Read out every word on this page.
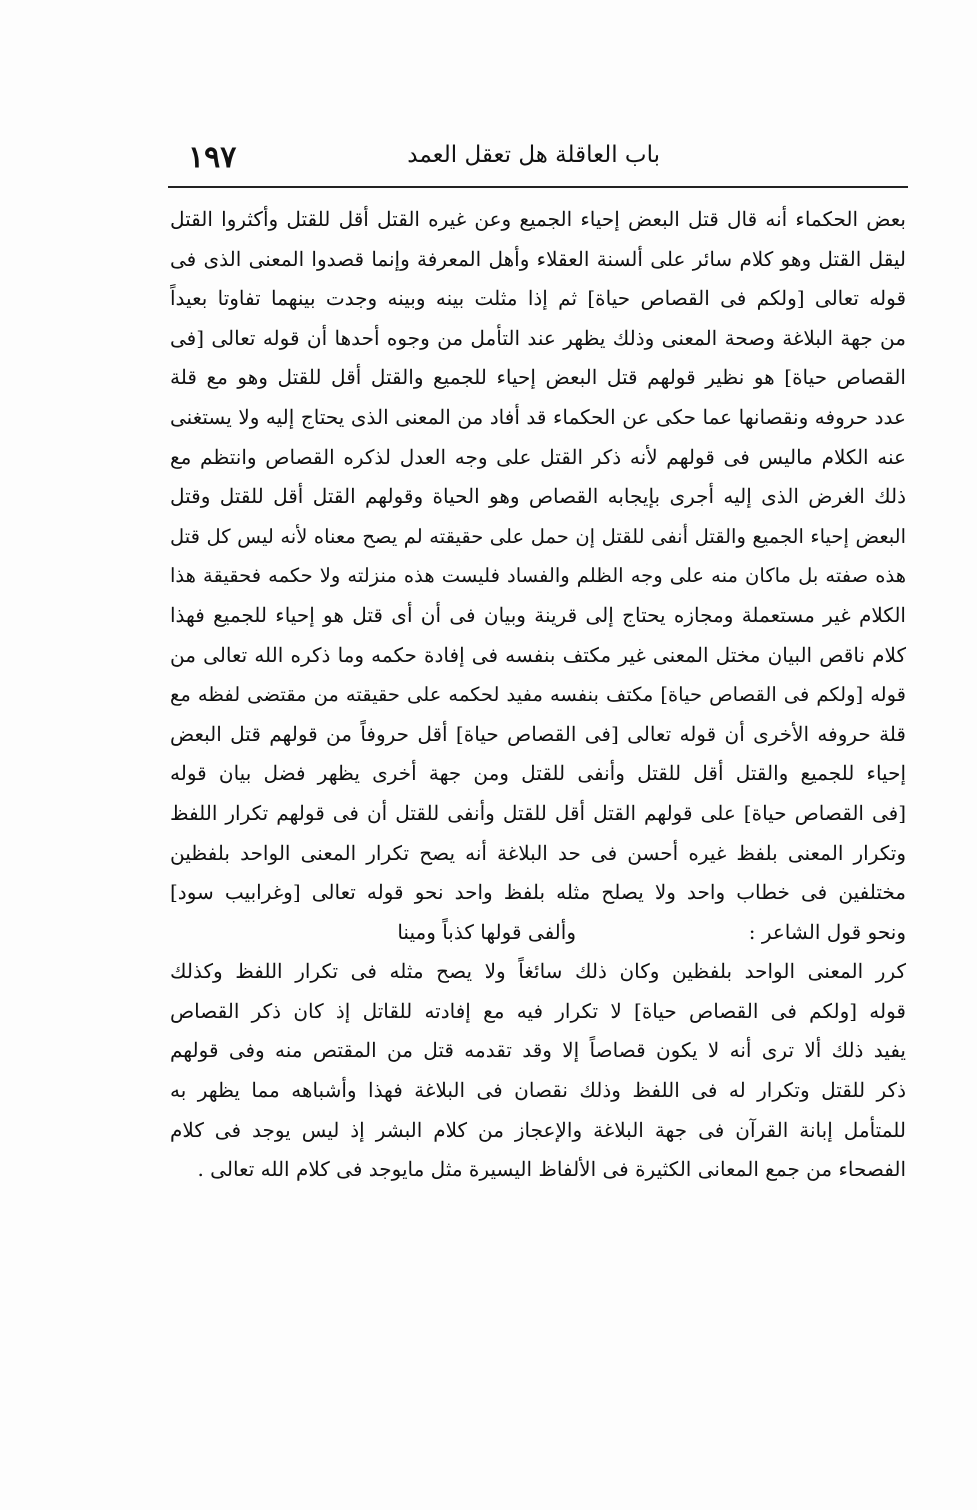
باب العاقلة هل تعقل العمد
١٩٧
بعض الحكماء أنه قال قتل البعض إحياء الجميع وعن غيره القتل أقل للقتل وأكثروا القتل
ليقل القتل وهو كلام سائر على ألسنة العقلاء وأهل المعرفة وإنما قصدوا المعنى الذى فى
قوله تعالى [ولكم فى القصاص حياة] ثم إذا مثلت بينه وبينه وجدت بينهما تفاوتا بعيداً
من جهة البلاغة وصحة المعنى وذلك يظهر عند التأمل من وجوه أحدها أن قوله تعالى [فى
القصاص حياة] هو نظير قولهم قتل البعض إحياء للجميع والقتل أقل للقتل وهو مع قلة
عدد حروفه ونقصانها عما حكى عن الحكماء قد أفاد من المعنى الذى يحتاج إليه ولا يستغنى
عنه الكلام ماليس فى قولهم لأنه ذكر القتل على وجه العدل لذكره القصاص وانتظم مع
ذلك الغرض الذى إليه أجرى بإيجابه القصاص وهو الحياة وقولهم القتل أقل للقتل وقتل
البعض إحياء الجميع والقتل أنفى للقتل إن حمل على حقيقته لم يصح معناه لأنه ليس كل قتل
هذه صفته بل ماكان منه على وجه الظلم والفساد فليست هذه منزلته ولا حكمه فحقيقة هذا
الكلام غير مستعملة ومجازه يحتاج إلى قرينة وبيان فى أن أى قتل هو إحياء للجميع فهذا
كلام ناقص البيان مختل المعنى غير مكتف بنفسه فى إفادة حكمه وما ذكره الله تعالى من
قوله [ولكم فى القصاص حياة] مكتف بنفسه مفيد لحكمه على حقيقته من مقتضى لفظه مع
قلة حروفه الأخرى أن قوله تعالى [فى القصاص حياة] أقل حروفاً من قولهم قتل البعض
إحياء للجميع والقتل أقل للقتل وأنفى للقتل ومن جهة أخرى يظهر فضل بيان قوله
[فى القصاص حياة] على قولهم القتل أقل للقتل وأنفى للقتل أن فى قولهم تكرار اللفظ
وتكرار المعنى بلفظ غيره أحسن فى حد البلاغة أنه يصح تكرار المعنى الواحد بلفظين
مختلفين فى خطاب واحد ولا يصلح مثله بلفظ واحد نحو قوله تعالى [وغرابيب سود]
ونحو قول الشاعر :
وألفى قولها كذباً ومينا
كرر المعنى الواحد بلفظين وكان ذلك سائغاً ولا يصح مثله فى تكرار اللفظ وكذلك
قوله [ولكم فى القصاص حياة] لا تكرار فيه مع إفادته للقاتل إذ كان ذكر القصاص
يفيد ذلك ألا ترى أنه لا يكون قصاصاً إلا وقد تقدمه قتل من المقتص منه وفى قولهم
ذكر للقتل وتكرار له فى اللفظ وذلك نقصان فى البلاغة فهذا وأشباهه مما يظهر به
للمتأمل إبانة القرآن فى جهة البلاغة والإعجاز من كلام البشر إذ ليس يوجد فى كلام
الفصحاء من جمع المعانى الكثيرة فى الألفاظ اليسيرة مثل مايوجد فى كلام الله تعالى .
